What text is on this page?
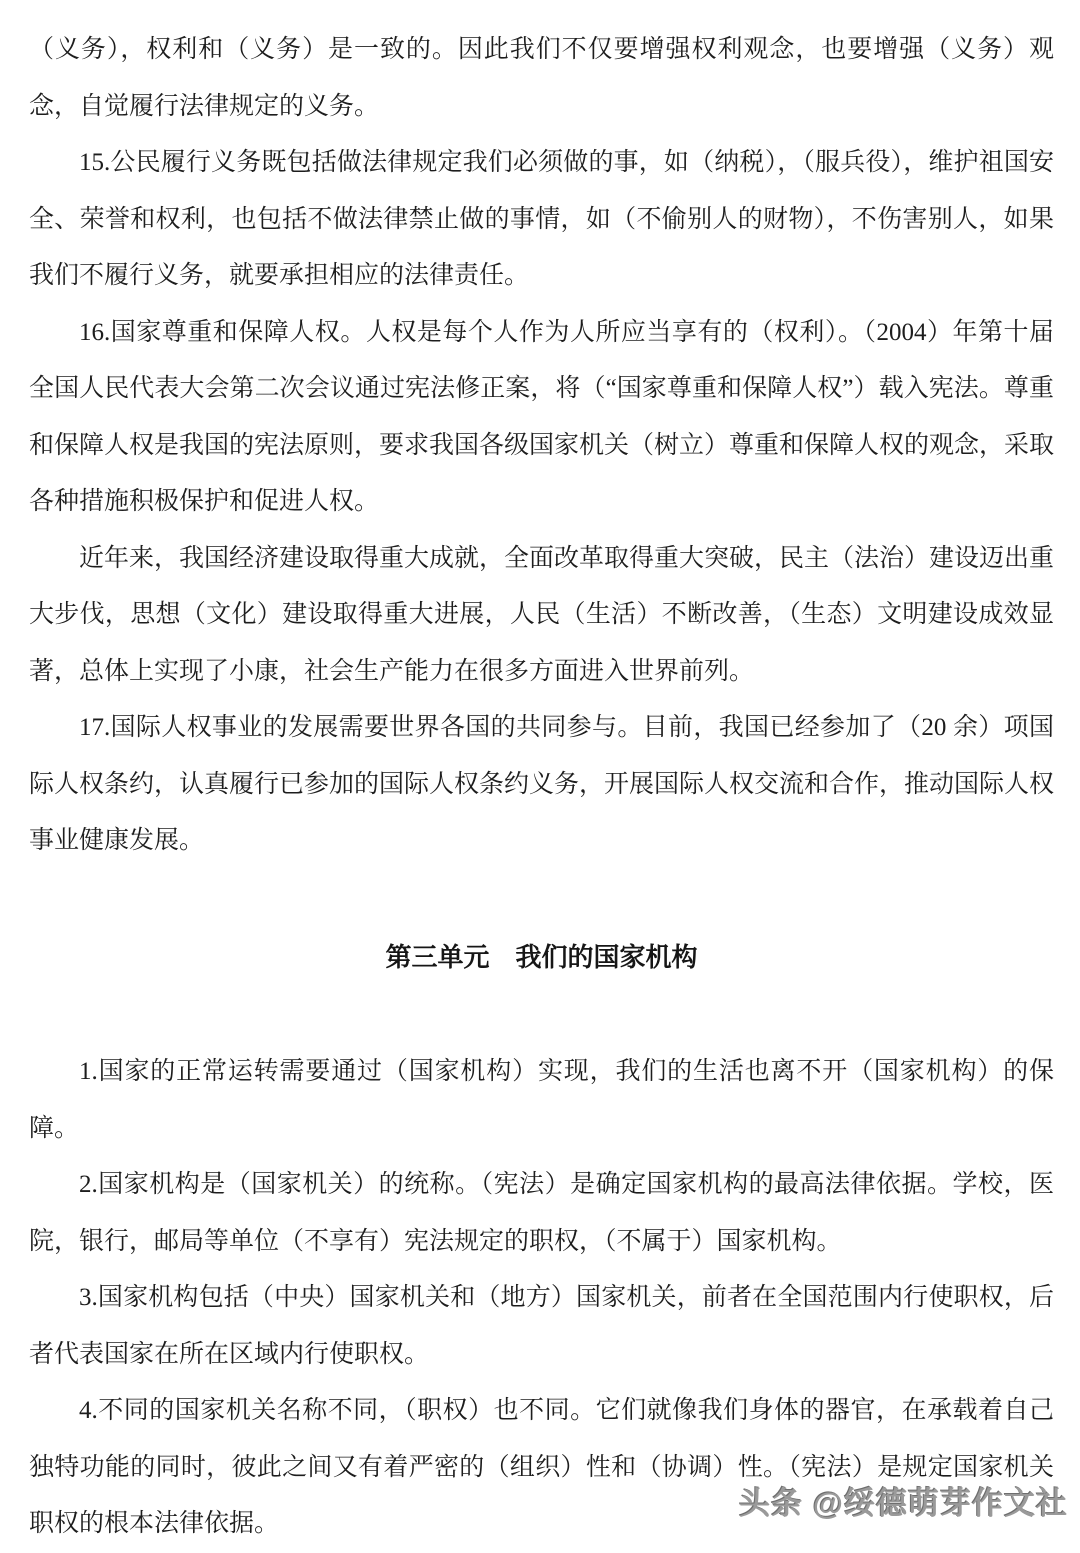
（义务），权利和（义务）是一致的。因此我们不仅要增强权利观念，也要增强（义务）观念，自觉履行法律规定的义务。

15.公民履行义务既包括做法律规定我们必须做的事，如（纳税），（服兵役），维护祖国安全、荣誉和权利，也包括不做法律禁止做的事情，如（不偷别人的财物），不伤害别人，如果我们不履行义务，就要承担相应的法律责任。

16.国家尊重和保障人权。人权是每个人作为人所应当享有的（权利）。（2004）年第十届全国人民代表大会第二次会议通过宪法修正案，将（“国家尊重和保障人权”）载入宪法。尊重和保障人权是我国的宪法原则，要求我国各级国家机关（树立）尊重和保障人权的观念，采取各种措施积极保护和促进人权。

近年来，我国经济建设取得重大成就，全面改革取得重大突破，民主（法治）建设迈出重大步伐，思想（文化）建设取得重大进展，人民（生活）不断改善，（生态）文明建设成效显著，总体上实现了小康，社会生产能力在很多方面进入世界前列。

17.国际人权事业的发展需要世界各国的共同参与。目前，我国已经参加了（20 余）项国际人权条约，认真履行已参加的国际人权条约义务，开展国际人权交流和合作，推动国际人权事业健康发展。

第三单元　我们的国家机构

1.国家的正常运转需要通过（国家机构）实现，我们的生活也离不开（国家机构）的保障。

2.国家机构是（国家机关）的统称。（宪法）是确定国家机构的最高法律依据。学校，医院，银行，邮局等单位（不享有）宪法规定的职权，（不属于）国家机构。

3.国家机构包括（中央）国家机关和（地方）国家机关，前者在全国范围内行使职权，后者代表国家在所在区域内行使职权。

4.不同的国家机关名称不同，（职权）也不同。它们就像我们身体的器官，在承载着自己独特功能的同时，彼此之间又有着严密的（组织）性和（协调）性。（宪法）是规定国家机关职权的根本法律依据。

头条 @绥德萌芽作文社
